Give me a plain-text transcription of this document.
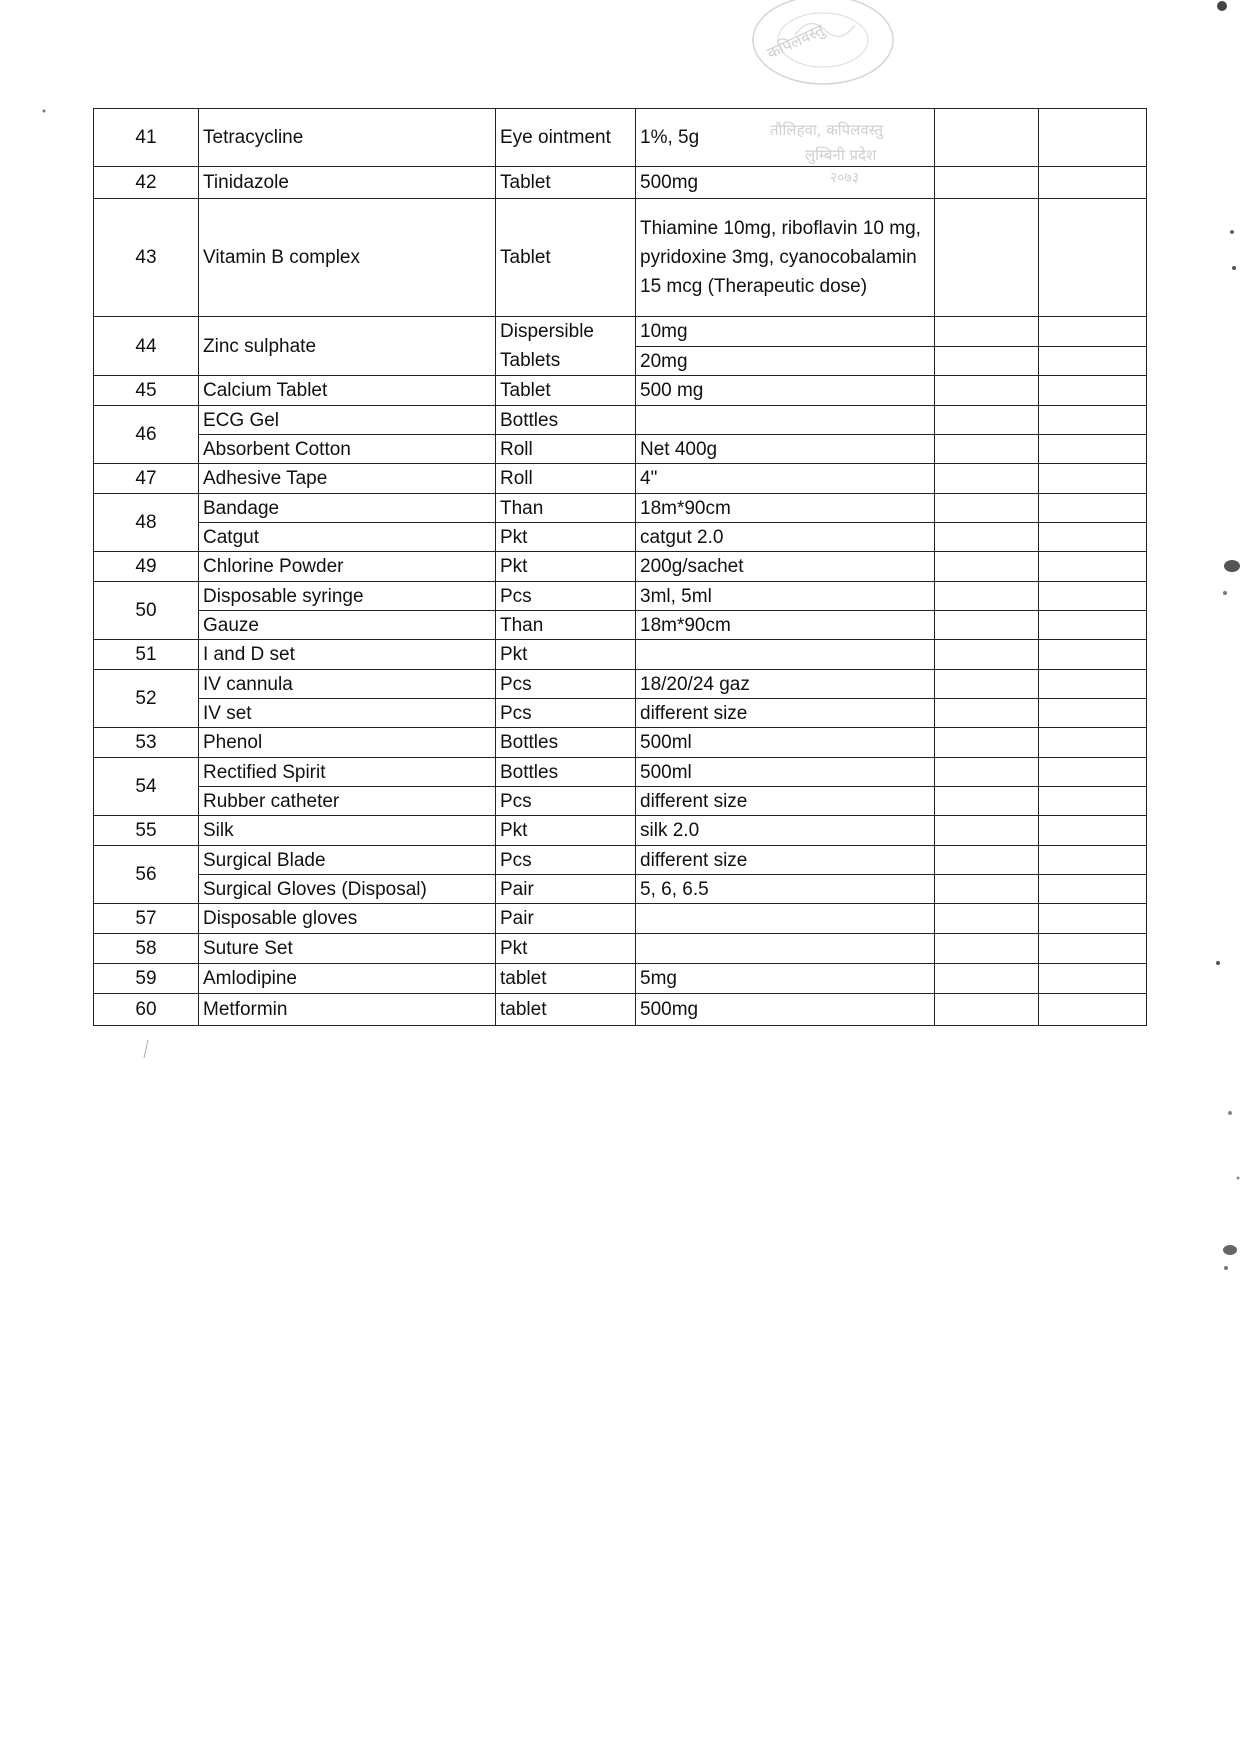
कपिलवस्तु
तौलिहवा, कपिलवस्तु
लुम्बिनी प्रदेश
२०७३
41	Tetracycline	Eye ointment	1%, 5g		
42	Tinidazole	Tablet	500mg		
43	Vitamin B complex	Tablet	Thiamine 10mg, riboflavin 10 mg, pyridoxine 3mg, cyanocobalamin 15 mcg (Therapeutic dose)		
44	Zinc sulphate	Dispersible Tablets	10mg		
			20mg		
45	Calcium Tablet	Tablet	500 mg		
46	ECG Gel	Bottles			
	Absorbent Cotton	Roll	Net 400g		
47	Adhesive Tape	Roll	4"		
48	Bandage	Than	18m*90cm		
	Catgut	Pkt	catgut 2.0		
49	Chlorine Powder	Pkt	200g/sachet		
50	Disposable syringe	Pcs	3ml, 5ml		
	Gauze	Than	18m*90cm		
51	I and D set	Pkt			
52	IV cannula	Pcs	18/20/24 gaz		
	IV set	Pcs	different size		
53	Phenol	Bottles	500ml		
54	Rectified Spirit	Bottles	500ml		
	Rubber catheter	Pcs	different size		
55	Silk	Pkt	silk 2.0		
56	Surgical Blade	Pcs	different size		
	Surgical Gloves (Disposal)	Pair	5, 6, 6.5		
57	Disposable gloves	Pair			
58	Suture Set	Pkt			
59	Amlodipine	tablet	5mg		
60	Metformin	tablet	500mg		
